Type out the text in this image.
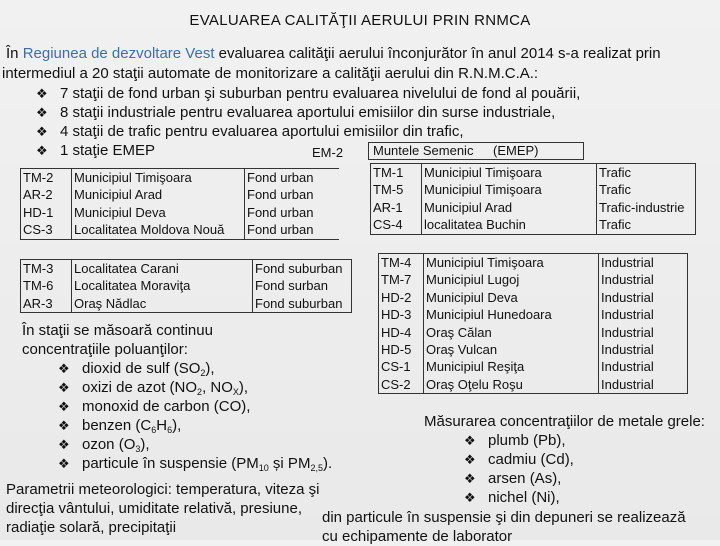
EVALUAREA CALITĂŢII AERULUI PRIN RNMCA
În Regiunea de dezvoltare Vest evaluarea calităţii aerului înconjurător în anul 2014 s-a realizat prin
intermediul a 20 staţii automate de monitorizare a calităţii aerului din R.N.M.C.A.:
❖ 7 staţii de fond urban şi suburban pentru evaluarea nivelului de fond al pouării,
❖ 8 staţii industriale pentru evaluarea aportului emisiilor din surse industriale,
❖ 4 staţii de trafic pentru evaluarea aportului emisiilor din trafic,
❖ 1 staţie EMEP	EM-2 Muntele Semenic (EMEP)
TM-2	Municipiul Timişoara	Fond urban
AR-2	Municipiul Arad	Fond urban
HD-1	Municipiul Deva	Fond urban
CS-3	Localitatea Moldova Nouă	Fond urban
TM-3	Localitatea Carani	Fond suburban
TM-6	Localitatea Moraviţa	Fond surban
AR-3	Oraş Nădlac	Fond suburban
TM-1	Municipiul Timişoara	Trafic
TM-5	Municipiul Timişoara	Trafic
AR-1	Municipiul Arad	Trafic-industrie
CS-4	localitatea Buchin	Trafic
TM-4	Municipiul Timişoara	Industrial
TM-7	Municipiul Lugoj	Industrial
HD-2	Municipiul Deva	Industrial
HD-3	Municipiul Hunedoara	Industrial
HD-4	Oraş Călan	Industrial
HD-5	Oraş Vulcan	Industrial
CS-1	Municipiul Reşiţa	Industrial
CS-2	Oraş Oţelu Roşu	Industrial
În staţii se măsoară continuu
concentraţiile poluanţilor:
❖ dioxid de sulf $(SO_2)$,
❖ oxizi de azot ($NO_2$, $NO_X$),
❖ monoxid de carbon (CO),
❖ benzen $(C_6H_6)$,
❖ ozon $(O_3)$,
❖ particule în suspensie ($PM_{10}$ și $PM_{2,5}$).
Parametrii meteorologici: temperatura, viteza şi
direcţia vântului, umiditate relativă, presiune,
radiaţie solară, precipitaţii
Măsurarea concentraţiilor de metale grele:
❖ plumb (Pb),
❖ cadmiu (Cd),
❖ arsen (As),
❖ nichel (Ni),
din particule în suspensie şi din depuneri se realizează
cu echipamente de laborator
